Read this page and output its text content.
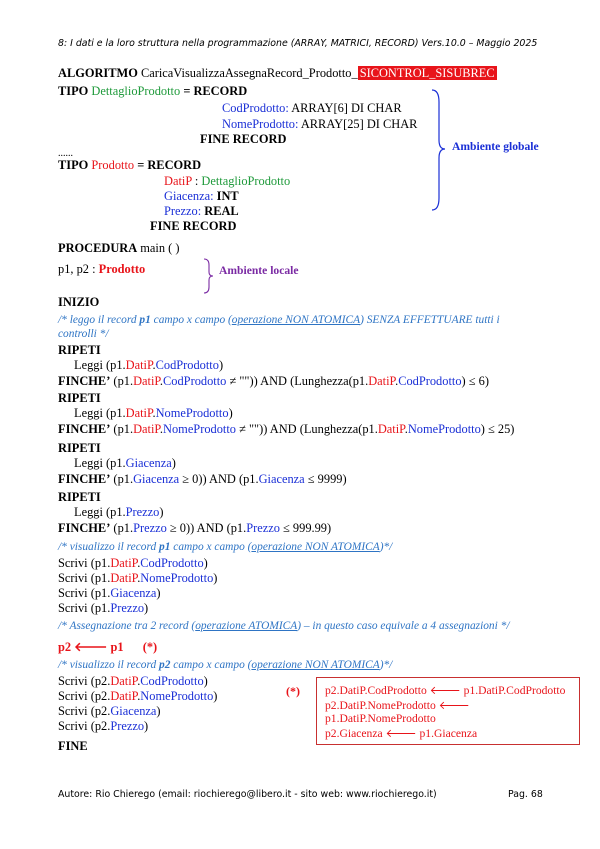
8: I dati e la loro struttura nella programmazione (ARRAY, MATRICI, RECORD) Vers.10.0 – Maggio 2025
ALGORITMO CaricaVisualizzaAssegnaRecord_Prodotto_ SICONTROL_SISUBREC
TIPO DettaglioProdotto = RECORD
CodProdotto: ARRAY[6] DI CHAR
NomeProdotto: ARRAY[25] DI CHAR
FINE RECORD
......
TIPO Prodotto = RECORD
DatiP : DettaglioProdotto
Giacenza: INT
Prezzo: REAL
FINE RECORD
Ambiente globale
PROCEDURA main ( )
p1, p2 : Prodotto	Ambiente locale
INIZIO
/* leggo il record p1 campo x campo (operazione NON ATOMICA) SENZA EFFETTUARE tutti i
controlli */
RIPETI
Leggi (p1.DatiP.CodProdotto)
FINCHE’ (p1.DatiP.CodProdotto ≠ "")) AND (Lunghezza(p1.DatiP.CodProdotto) ≤ 6)
RIPETI
Leggi (p1.DatiP.NomeProdotto)
FINCHE’ (p1.DatiP.NomeProdotto ≠ "")) AND (Lunghezza(p1.DatiP.NomeProdotto) ≤ 25)
RIPETI
Leggi (p1.Giacenza)
FINCHE’ (p1.Giacenza ≥ 0)) AND (p1.Giacenza ≤ 9999)
RIPETI
Leggi (p1.Prezzo)
FINCHE’ (p1.Prezzo ≥ 0)) AND (p1.Prezzo ≤ 999.99)
/* visualizzo il record p1 campo x campo (operazione NON ATOMICA)*/
Scrivi (p1.DatiP.CodProdotto)
Scrivi (p1.DatiP.NomeProdotto)
Scrivi (p1.Giacenza)
Scrivi (p1.Prezzo)
/* Assegnazione tra 2 record (operazione ATOMICA) – in questo caso equivale a 4 assegnazioni */
p2 🡐 p1 (*)
/* visualizzo il record p2 campo x campo (operazione NON ATOMICA)*/
Scrivi (p2.DatiP.CodProdotto)
Scrivi (p2.DatiP.NomeProdotto)
Scrivi (p2.Giacenza)
Scrivi (p2.Prezzo)
FINE
(*) p2.DatiP.CodProdotto 🡐 p1.DatiP.CodProdotto
p2.DatiP.NomeProdotto 🡐
p1.DatiP.NomeProdotto
p2.Giacenza 🡐 p1.Giacenza
Autore: Rio Chierego (email: riochierego@libero.it - sito web: www.riochierego.it)	Pag. 68
